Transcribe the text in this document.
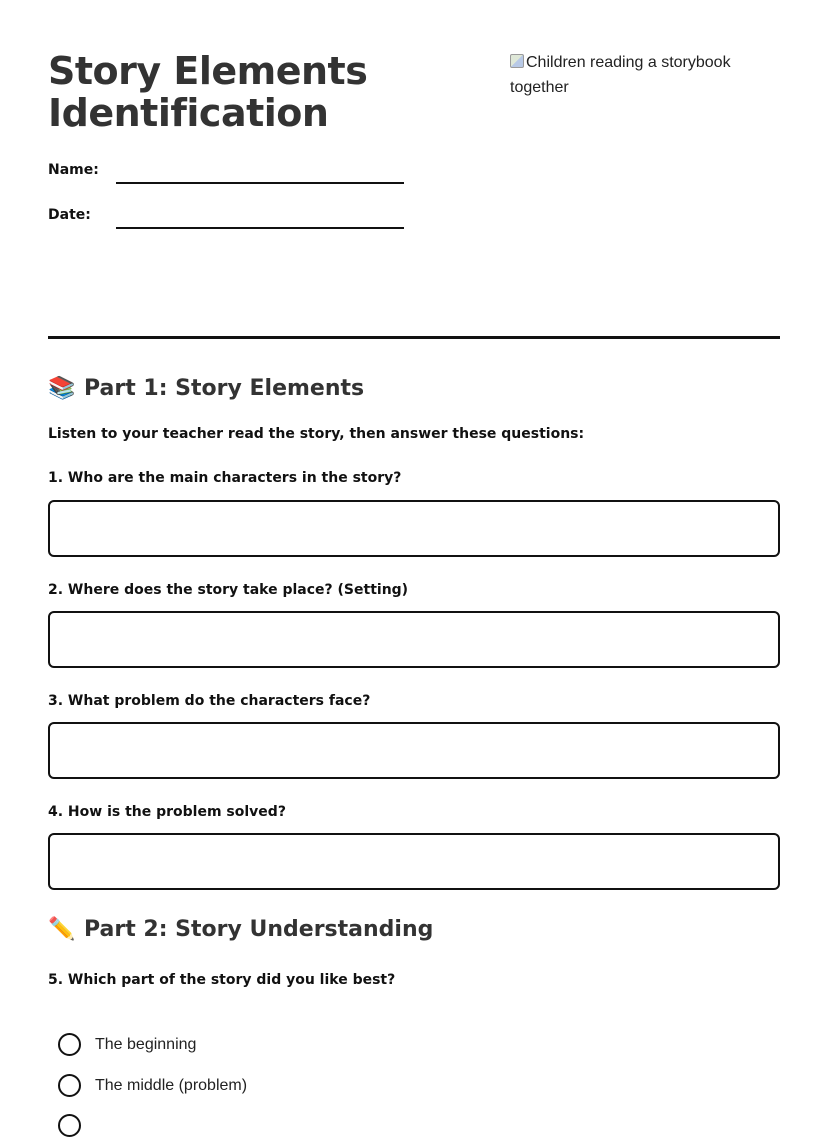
Story Elements Identification
Children reading a storybook together
Name:
Date:
📚 Part 1: Story Elements
Listen to your teacher read the story, then answer these questions:
1. Who are the main characters in the story?
2. Where does the story take place? (Setting)
3. What problem do the characters face?
4. How is the problem solved?
✏️ Part 2: Story Understanding
5. Which part of the story did you like best?
The beginning
The middle (problem)
